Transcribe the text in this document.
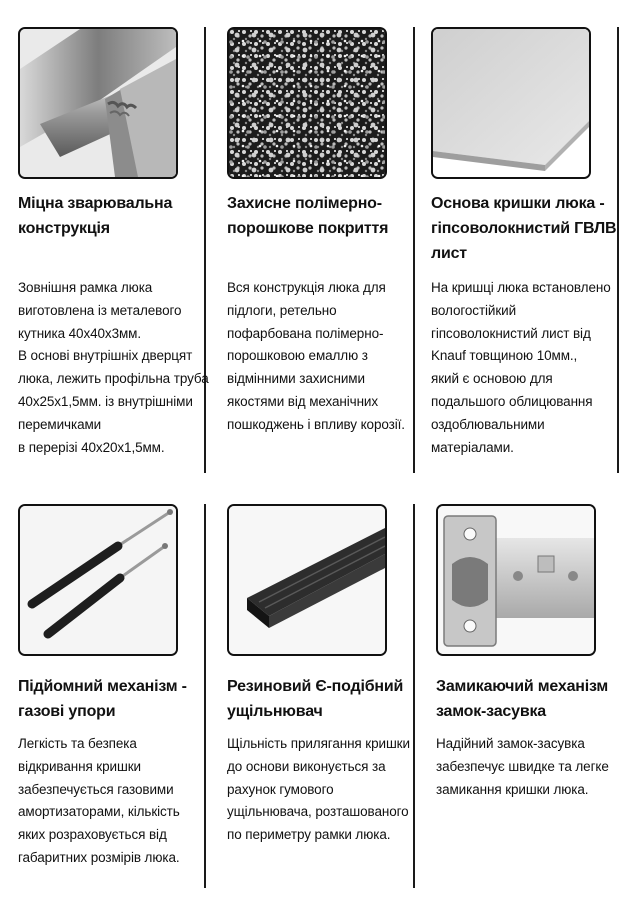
Міцна зварювальна конструкція

Зовнішня рамка люка виготовлена із металевого кутника 40х40х3мм.
В основі внутрішніх дверцят люка, лежить профільна труба 40х25х1,5мм. із внутрішніми перемичками
в перерізі 40х20х1,5мм.

Захисне полімерно-порошкове покриття

Вся конструкція люка для підлоги, ретельно пофарбована полімерно-порошковою емаллю з відмінними захисними якостями від механічних пошкоджень і впливу корозії.

Основа кришки люка - гіпсоволокнистий ГВЛВ лист

На кришці люка встановлено вологостійкий гіпсоволокнистий лист від
Knauf товщиною 10мм.,
який є основою для подальшого облицювання оздоблювальними матеріалами.

Підйомний механізм - газові упори

Легкість та безпека відкривання кришки забезпечується газовими амортизаторами, кількість яких розраховується від габаритних розмірів люка.

Резиновий Є-подібний ущільнювач

Щільність прилягання кришки до основи виконується за рахунок гумового ущільнювача, розташованого по периметру рамки люка.

Замикаючий механізм замок-засувка

Надійний замок-засувка забезпечує швидке та легке замикання кришки люка.
